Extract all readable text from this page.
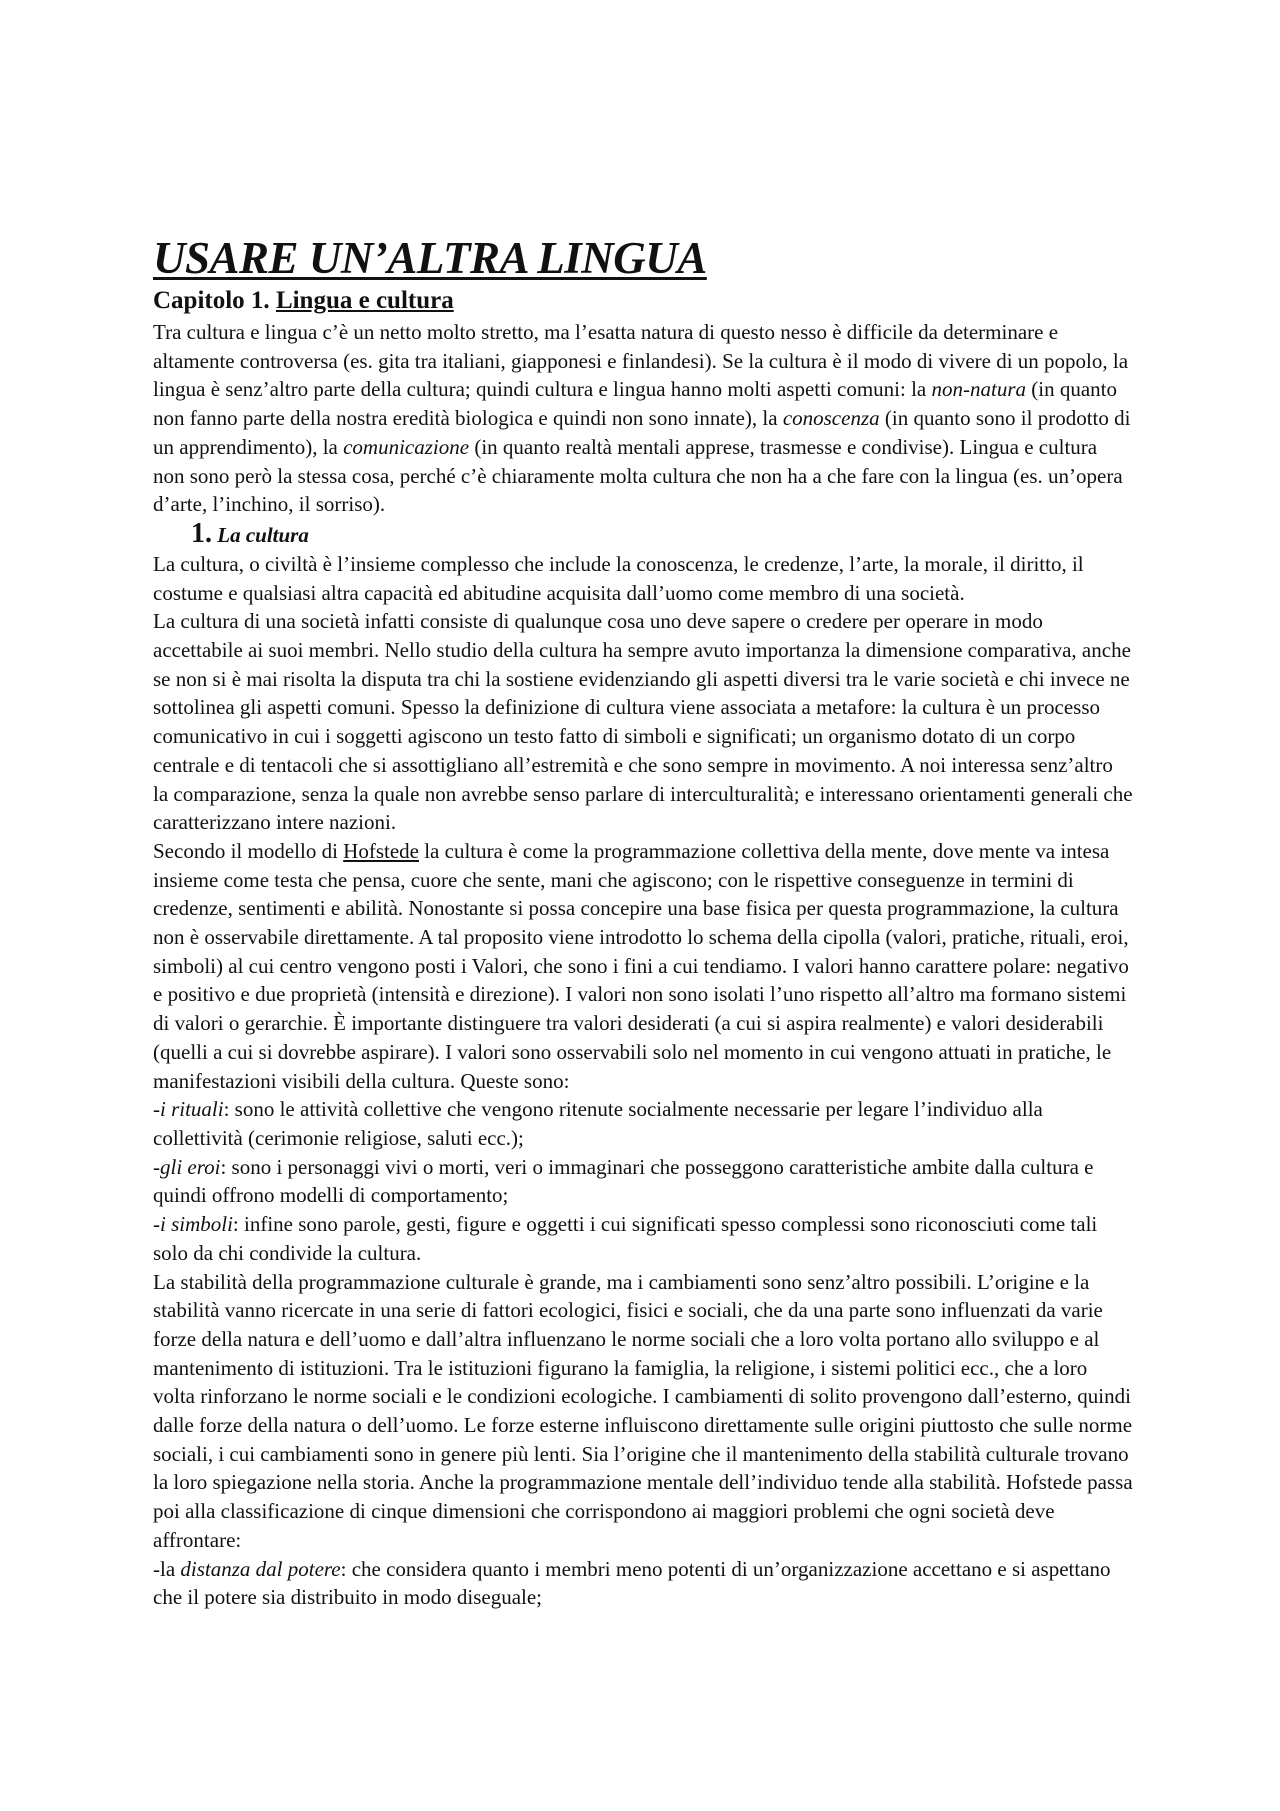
USARE UN’ALTRA LINGUA
Capitolo 1. Lingua e cultura

Tra cultura e lingua c’è un netto molto stretto, ma l’esatta natura di questo nesso è difficile da determinare e altamente controversa (es. gita tra italiani, giapponesi e finlandesi). Se la cultura è il modo di vivere di un popolo, la lingua è senz’altro parte della cultura; quindi cultura e lingua hanno molti aspetti comuni: la non-natura (in quanto non fanno parte della nostra eredità biologica e quindi non sono innate), la conoscenza (in quanto sono il prodotto di un apprendimento), la comunicazione (in quanto realtà mentali apprese, trasmesse e condivise). Lingua e cultura non sono però la stessa cosa, perché c’è chiaramente molta cultura che non ha a che fare con la lingua (es. un’opera d’arte, l’inchino, il sorriso).

1. La cultura

La cultura, o civiltà è l’insieme complesso che include la conoscenza, le credenze, l’arte, la morale, il diritto, il costume e qualsiasi altra capacità ed abitudine acquisita dall’uomo come membro di una società.

La cultura di una società infatti consiste di qualunque cosa uno deve sapere o credere per operare in modo accettabile ai suoi membri. Nello studio della cultura ha sempre avuto importanza la dimensione comparativa, anche se non si è mai risolta la disputa tra chi la sostiene evidenziando gli aspetti diversi tra le varie società e chi invece ne sottolinea gli aspetti comuni. Spesso la definizione di cultura viene associata a metafore: la cultura è un processo comunicativo in cui i soggetti agiscono un testo fatto di simboli e significati; un organismo dotato di un corpo centrale e di tentacoli che si assottigliano all’estremità e che sono sempre in movimento. A noi interessa senz’altro la comparazione, senza la quale non avrebbe senso parlare di interculturalità; e interessano orientamenti generali che caratterizzano intere nazioni.

Secondo il modello di Hofstede la cultura è come la programmazione collettiva della mente, dove mente va intesa insieme come testa che pensa, cuore che sente, mani che agiscono; con le rispettive conseguenze in termini di credenze, sentimenti e abilità. Nonostante si possa concepire una base fisica per questa programmazione, la cultura non è osservabile direttamente. A tal proposito viene introdotto lo schema della cipolla (valori, pratiche, rituali, eroi, simboli) al cui centro vengono posti i Valori, che sono i fini a cui tendiamo. I valori hanno carattere polare: negativo e positivo e due proprietà (intensità e direzione). I valori non sono isolati l’uno rispetto all’altro ma formano sistemi di valori o gerarchie. È importante distinguere tra valori desiderati (a cui si aspira realmente) e valori desiderabili (quelli a cui si dovrebbe aspirare). I valori sono osservabili solo nel momento in cui vengono attuati in pratiche, le manifestazioni visibili della cultura. Queste sono:

-i rituali: sono le attività collettive che vengono ritenute socialmente necessarie per legare l’individuo alla collettività (cerimonie religiose, saluti ecc.);

-gli eroi: sono i personaggi vivi o morti, veri o immaginari che posseggono caratteristiche ambite dalla cultura e quindi offrono modelli di comportamento;

-i simboli: infine sono parole, gesti, figure e oggetti i cui significati spesso complessi sono riconosciuti come tali solo da chi condivide la cultura.

La stabilità della programmazione culturale è grande, ma i cambiamenti sono senz’altro possibili. L’origine e la stabilità vanno ricercate in una serie di fattori ecologici, fisici e sociali, che da una parte sono influenzati da varie forze della natura e dell’uomo e dall’altra influenzano le norme sociali che a loro volta portano allo sviluppo e al mantenimento di istituzioni. Tra le istituzioni figurano la famiglia, la religione, i sistemi politici ecc., che a loro volta rinforzano le norme sociali e le condizioni ecologiche. I cambiamenti di solito provengono dall’esterno, quindi dalle forze della natura o dell’uomo. Le forze esterne influiscono direttamente sulle origini piuttosto che sulle norme sociali, i cui cambiamenti sono in genere più lenti. Sia l’origine che il mantenimento della stabilità culturale trovano la loro spiegazione nella storia. Anche la programmazione mentale dell’individuo tende alla stabilità. Hofstede passa poi alla classificazione di cinque dimensioni che corrispondono ai maggiori problemi che ogni società deve affrontare:

-la distanza dal potere: che considera quanto i membri meno potenti di un’organizzazione accettano e si aspettano che il potere sia distribuito in modo diseguale;
